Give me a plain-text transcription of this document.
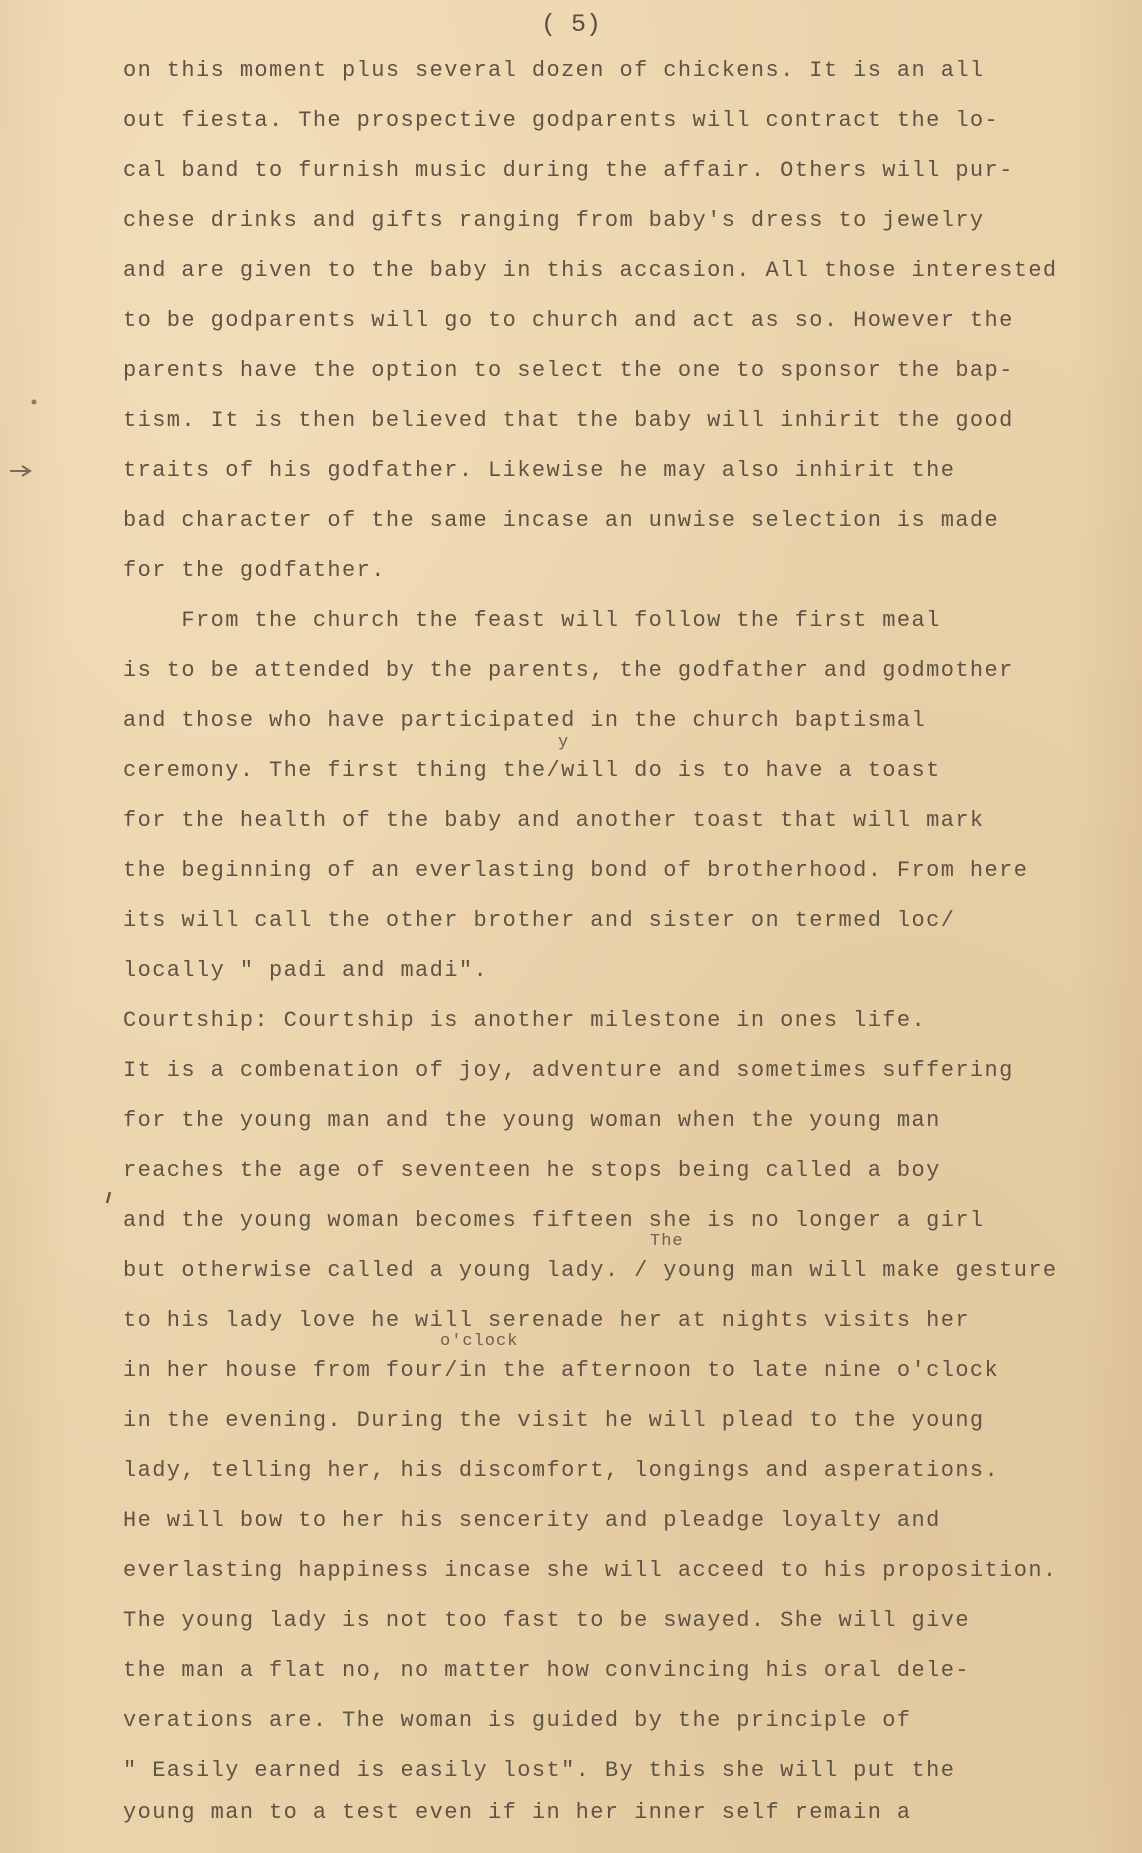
( 5)
on this moment plus several dozen of chickens. It is an all
out fiesta. The prospective godparents will contract the lo-
cal band to furnish music during the affair. Others will pur-
chese drinks and gifts ranging from baby's dress to jewelry
and are given to the baby in this accasion. All those interested
to be godparents will go to church and act as so. However the
parents have the option to select the one to sponsor the bap-
tism. It is then believed that the baby will inhirit the good
traits of his godfather. Likewise he may also inhirit the
bad character of the same incase an unwise selection is made
for the godfather.
From the church the feast will follow the first meal
is to be attended by the parents, the godfather and godmother
and those who have participated in the church baptismal
y
ceremony. The first thing the/will do is to have a toast
for the health of the baby and another toast that will mark
the beginning of an everlasting bond of brotherhood. From here
its will call the other brother and sister on termed loc/
locally " padi and madi".
Courtship: Courtship is another milestone in ones life.
It is a combenation of joy, adventure and sometimes suffering
for the young man and the young woman when the young man
reaches the age of seventeen he stops being called a boy
and the young woman becomes fifteen she is no longer a girl
The
but otherwise called a young lady. / young man will make gesture
to his lady love he will serenade her at nights visits her
o'clock
in her house from four/in the afternoon to late nine o'clock
in the evening. During the visit he will plead to the young
lady, telling her, his discomfort, longings and asperations.
He will bow to her his sencerity and pleadge loyalty and
everlasting happiness incase she will acceed to his proposition.
The young lady is not too fast to be swayed. She will give
the man a flat no, no matter how convincing his oral dele-
verations are. The woman is guided by the principle of
" Easily earned is easily lost". By this she will put the
young man to a test even if in her inner self remain a
